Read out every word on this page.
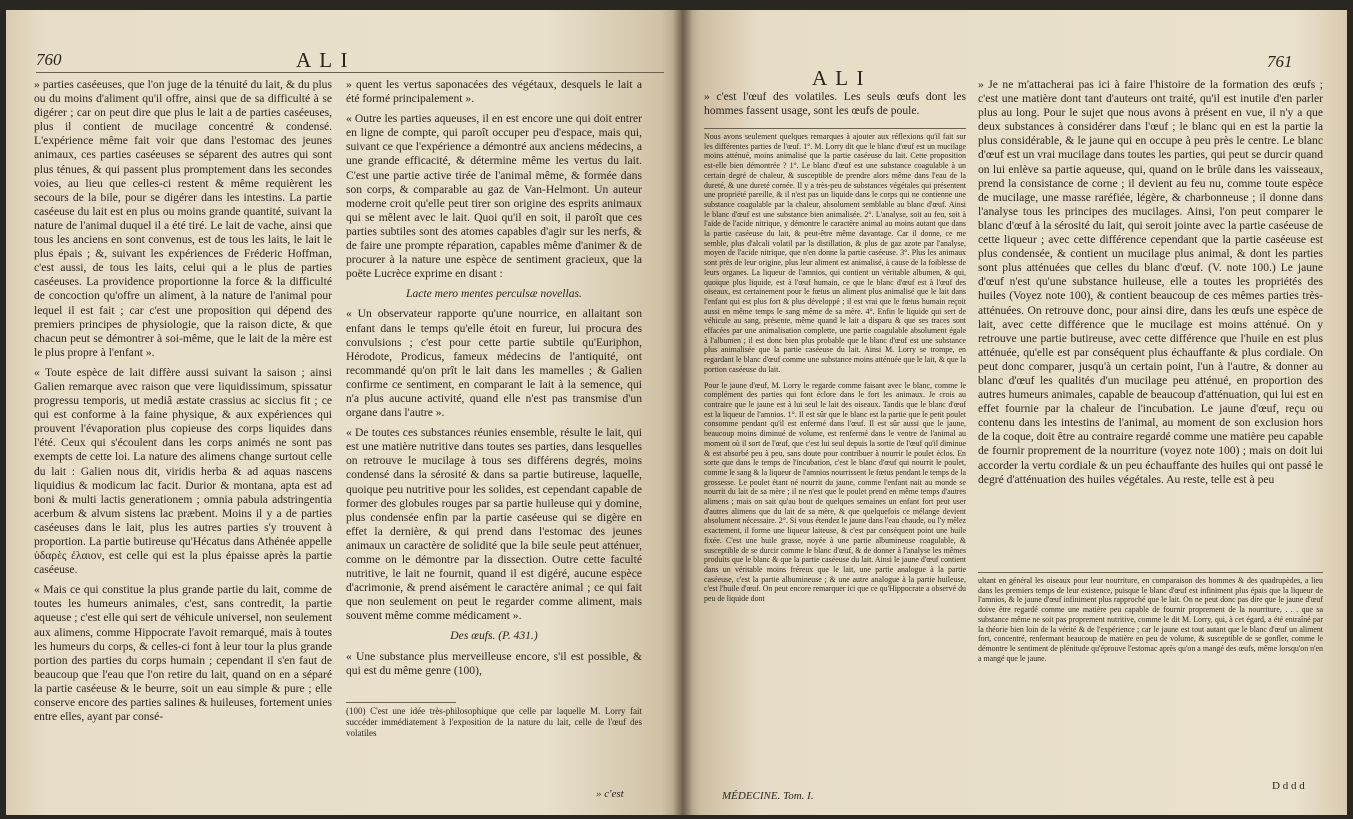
760	A L I

» parties caséeuses, que l'on juge de la ténuité du lait, & du plus ou du moins d'aliment qu'il offre, ainsi que de sa difficulté à se digérer ; car on peut dire que plus le lait a de parties caséeuses, plus il contient de mucilage concentré & condensé. L'expérience même fait voir que dans l'estomac des jeunes animaux, ces parties caséeuses se séparent des autres qui sont plus ténues, & qui passent plus promptement dans les secondes voies, au lieu que celles-ci restent & même requièrent les secours de la bile, pour se digérer dans les intestins. La partie caséeuse du lait est en plus ou moins grande quantité, suivant la nature de l'animal duquel il a été tiré. Le lait de vache, ainsi que tous les anciens en sont convenus, est de tous les laits, le lait le plus épais ; &, suivant les expériences de Fréderic Hoffman, c'est aussi, de tous les laits, celui qui a le plus de parties caséeuses. La providence proportionne la force & la difficulté de concoction qu'offre un aliment, à la nature de l'animal pour lequel il est fait ; car c'est une proposition qui dépend des premiers principes de physiologie, que la raison dicte, & que chacun peut se démontrer à soi-même, que le lait de la mère est le plus propre à l'enfant ».

« Toute espèce de lait diffère aussi suivant la saison ; ainsi Galien remarque avec raison que vere liquidissimum, spissatur progressu temporis, ut mediâ æstate crassius ac siccius fit ; ce qui est conforme à la faine physique, & aux expériences qui prouvent l'évaporation plus copieuse des corps liquides dans l'été. Ceux qui s'écoulent dans les corps animés ne sont pas exempts de cette loi. La nature des alimens change surtout celle du lait : Galien nous dit, viridis herba & ad aquas nascens liquidius & modicum lac facit. Durior & montana, apta est ad boni & multi lactis generationem ; omnia pabula adstringentia acerbum & alvum sistens lac præbent. Moins il y a de parties caséeuses dans le lait, plus les autres parties s'y trouvent à proportion. La partie butireuse qu'Hécatus dans Athénée appelle ὑδαρὲς ἐλαιον, est celle qui est la plus épaisse après la partie caséeuse.

« Mais ce qui constitue la plus grande partie du lait, comme de toutes les humeurs animales, c'est, sans contredit, la partie aqueuse ; c'est elle qui sert de véhicule universel, non seulement aux alimens, comme Hippocrate l'avoit remarqué, mais à toutes les humeurs du corps, & celles-ci font à leur tour la plus grande portion des parties du corps humain ; cependant il s'en faut de beaucoup que l'eau que l'on retire du lait, quand on en a séparé la partie caséeuse & le beurre, soit un eau simple & pure ; elle conserve encore des parties salines & huileuses, fortement unies entre elles, ayant par consé-

» quent les vertus saponacées des végétaux, desquels le lait a été formé principalement ».

« Outre les parties aqueuses, il en est encore une qui doit entrer en ligne de compte, qui paroît occuper peu d'espace, mais qui, suivant ce que l'expérience a démontré aux anciens médecins, a une grande efficacité, & détermine même les vertus du lait. C'est une partie active tirée de l'animal même, & formée dans son corps, & comparable au gaz de Van-Helmont. Un auteur moderne croit qu'elle peut tirer son origine des esprits animaux qui se mêlent avec le lait. Quoi qu'il en soit, il paroît que ces parties subtiles sont des atomes capables d'agir sur les nerfs, & de faire une prompte réparation, capables même d'animer & de procurer à la nature une espèce de sentiment gracieux, que la poëte Lucrèce exprime en disant :

Lacte mero mentes perculsæ novellas.

« Un observateur rapporte qu'une nourrice, en allaitant son enfant dans le temps qu'elle étoit en fureur, lui procura des convulsions ; c'est pour cette partie subtile qu'Euriphon, Hérodote, Prodicus, fameux médecins de l'antiquité, ont recommandé qu'on prît le lait dans les mamelles ; & Galien confirme ce sentiment, en comparant le lait à la semence, qui n'a plus aucune activité, quand elle n'est pas transmise d'un organe dans l'autre ».

« De toutes ces substances réunies ensemble, résulte le lait, qui est une matière nutritive dans toutes ses parties, dans lesquelles on retrouve le mucilage à tous ses différens degrés, moins condensé dans la sérosité & dans sa partie butireuse, laquelle, quoique peu nutritive pour les solides, est cependant capable de former des globules rouges par sa partie huileuse qui y domine, plus condensée enfin par la partie caséeuse qui se digère en effet la dernière, & qui prend dans l'estomac des jeunes animaux un caractère de solidité que la bile seule peut atténuer, comme on le démontre par la dissection. Outre cette faculté nutritive, le lait ne fournit, quand il est digéré, aucune espèce d'acrimonie, & prend aisément le caractère animal ; ce qui fait que non seulement on peut le regarder comme aliment, mais souvent même comme médicament ».

Des œufs. (P. 431.)

« Une substance plus merveilleuse encore, s'il est possible, & qui est du même genre (100),

(100) C'est une idée très-philosophique que celle par laquelle M. Lorry fait succéder immédiatement à l'exposition de la nature du lait, celle de l'œuf des volatiles
» c'est
A L I
761
» c'est l'œuf des volatiles. Les seuls œufs dont les hommes fassent usage, sont les œufs de poule.

Nous avons seulement quelques remarques à ajouter aux réflexions qu'il fait sur les différentes parties de l'œuf. 1°. M. Lorry dit que le blanc d'œuf est un mucilage moins atténué, moins animalisé que la partie caséeuse du lait. Cette proposition est-elle bien démontrée ? 1°. Le blanc d'œuf est une substance coagulable à un certain degré de chaleur, & susceptible de prendre alors même dans l'eau de la dureté, & une dureté cornée. Il y a très-peu de substances végétales qui présentent une propriété pareille, & il n'est pas un liquide dans le corps qui ne contienne une substance coagulable par la chaleur, absolument semblable au blanc d'œuf. Ainsi le blanc d'œuf est une substance bien animalisée. 2°. L'analyse, soit au feu, soit à l'aide de l'acide nitrique, y démontre le caractère animal au moins autant que dans la partie caséeuse du lait, & peut-être même davantage. Car il donne, ce me semble, plus d'alcali volatil par la distillation, & plus de gaz azote par l'analyse, moyen de l'acide nitrique, que n'en donne la partie caséeuse. 3°. Plus les animaux sont près de leur origine, plus leur aliment est animalisé, à cause de la foiblesse de leurs organes. La liqueur de l'amnios, qui contient un véritable albumen, & qui, quoique plus liquide, est à l'œuf humain, ce que le blanc d'œuf est à l'œuf des oiseaux, est certainement pour le fœtus un aliment plus animalisé que le lait dans l'enfant qui est plus fort & plus développé ; il est vrai que le fœtus humain reçoit aussi en même temps le sang même de sa mère. 4°. Enfin le liquide qui sert de véhicule au sang, présente, même quand le lait a disparu & que ses traces sont effacées par une animalisation complette, une partie coagulable absolument égale à l'albumen ; il est donc bien plus probable que le blanc d'œuf est une substance plus animalisée que la partie caséeuse du lait. Ainsi M. Lorry se trompe, en regardant le blanc d'œuf comme une substance moins atténuée que le lait, & que la portion caséeuse du lait.

Pour le jaune d'œuf, M. Lorry le regarde comme faisant avec le blanc, comme le complément des parties qui font éclore dans le fort les animaux. Je crois au contraire que le jaune est à lui seul le lait des oiseaux. Tandis que le blanc d'œuf est la liqueur de l'amnios. 1°. Il est sûr que le blanc est la partie que le petit poulet consomme pendant qu'il est enfermé dans l'œuf. Il est sûr aussi que le jaune, beaucoup moins diminué de volume, est renfermé dans le ventre de l'animal au moment où il sort de l'œuf, que c'est lui seul depuis la sortie de l'œuf qu'il diminue & est absorbé peu à peu, sans doute pour contribuer à nourrir le poulet éclos. En sorte que dans le temps de l'incubation, c'est le blanc d'œuf qui nourrit le poulet, comme le sang & la liqueur de l'amnios nourrissent le fœtus pendant le temps de la grossesse. Le poulet étant né nourrit du jaune, comme l'enfant nait au monde se nourrit du lait de sa mère ; il ne n'est que le poulet prend en même temps d'autres alimens ; mais on sait qu'au bout de quelques semaines un enfant fort peut user d'autres alimens que du lait de sa mère, & que quelquefois ce mélange devient absolument nécessaire. 2°. Si vous étendez le jaune dans l'eau chaude, ou l'y mêlez exactement, il forme une liqueur laiteuse, & c'est par conséquent point une huile fixée. C'est une huile grasse, noyée à une partie albumineuse coagulable, & susceptible de se durcir comme le blanc d'œuf, & de donner à l'analyse les mêmes produits que le blanc & que la partie caséeuse du lait. Ainsi le jaune d'œuf contient dans un véritable moins fréreux que le lait, une partie analogue à la partie caséeuse, c'est la partie albumineuse ; & une autre analogue à la partie huileuse, c'est l'huile d'œuf. On peut encore remarquer ici que ce qu'Hippocrate a observé du peu de liquide dont

MÉDECINE. Tom. I.

» Je ne m'attacherai pas ici à faire l'histoire de la formation des œufs ; c'est une matière dont tant d'auteurs ont traité, qu'il est inutile d'en parler plus au long. Pour le sujet que nous avons à présent en vue, il n'y a que deux substances à considérer dans l'œuf ; le blanc qui en est la partie la plus considérable, & le jaune qui en occupe à peu près le centre. Le blanc d'œuf est un vrai mucilage dans toutes les parties, qui peut se durcir quand on lui enlève sa partie aqueuse, qui, quand on le brûle dans les vaisseaux, prend la consistance de corne ; il devient au feu nu, comme toute espèce de mucilage, une masse raréfiée, légère, & charbonneuse ; il donne dans l'analyse tous les principes des mucilages. Ainsi, l'on peut comparer le blanc d'œuf à la sérosité du lait, qui seroit jointe avec la partie caséeuse de cette liqueur ; avec cette différence cependant que la partie caséeuse est plus condensée, & contient un mucilage plus animal, & dont les parties sont plus atténuées que celles du blanc d'œuf. (V. note 100.) Le jaune d'œuf n'est qu'une substance huileuse, elle a toutes les propriétés des huiles (Voyez note 100), & contient beaucoup de ces mêmes parties très-atténuées. On retrouve donc, pour ainsi dire, dans les œufs une espèce de lait, avec cette différence que le mucilage est moins atténué. On y retrouve une partie butireuse, avec cette différence que l'huile en est plus atténuée, qu'elle est par conséquent plus échauffante & plus cordiale. On peut donc comparer, jusqu'à un certain point, l'un à l'autre, & donner au blanc d'œuf les qualités d'un mucilage peu atténué, en proportion des autres humeurs animales, capable de beaucoup d'atténuation, qui lui est en effet fournie par la chaleur de l'incubation. Le jaune d'œuf, reçu ou contenu dans les intestins de l'animal, au moment de son exclusion hors de la coque, doit être au contraire regardé comme une matière peu capable de fournir proprement de la nourriture (voyez note 100) ; mais on doit lui accorder la vertu cordiale & un peu échauffante des huiles qui ont passé le degré d'atténuation des huiles végétales. Au reste, telle est à peu

ultant en général les oiseaux pour leur nourriture, en comparaison des hommes & des quadrupèdes, a lieu dans les premiers temps de leur existence, puisque le blanc d'œuf est infiniment plus épais que la liqueur de l'amnios, & le jaune d'œuf infiniment plus rapproché que le lait. On ne peut donc pas dire que le jaune d'œuf doive être regardé comme une matière peu capable de fournir proprement de la nourriture, . . . que sa substance même ne soit pas proprement nutritive, comme le dit M. Lorry, qui, à cet égard, a été entraîné par la théorie bien loin de la vérité & de l'expérience ; car le jaune est tout autant que le blanc d'œuf un aliment fort, concentré, renfermant beaucoup de matière en peu de volume, & susceptible de se gonfler, comme le démontre le sentiment de plénitude qu'éprouve l'estomac après qu'on a mangé des œufs, même lorsqu'on n'en a mangé que le jaune.
D d d d
